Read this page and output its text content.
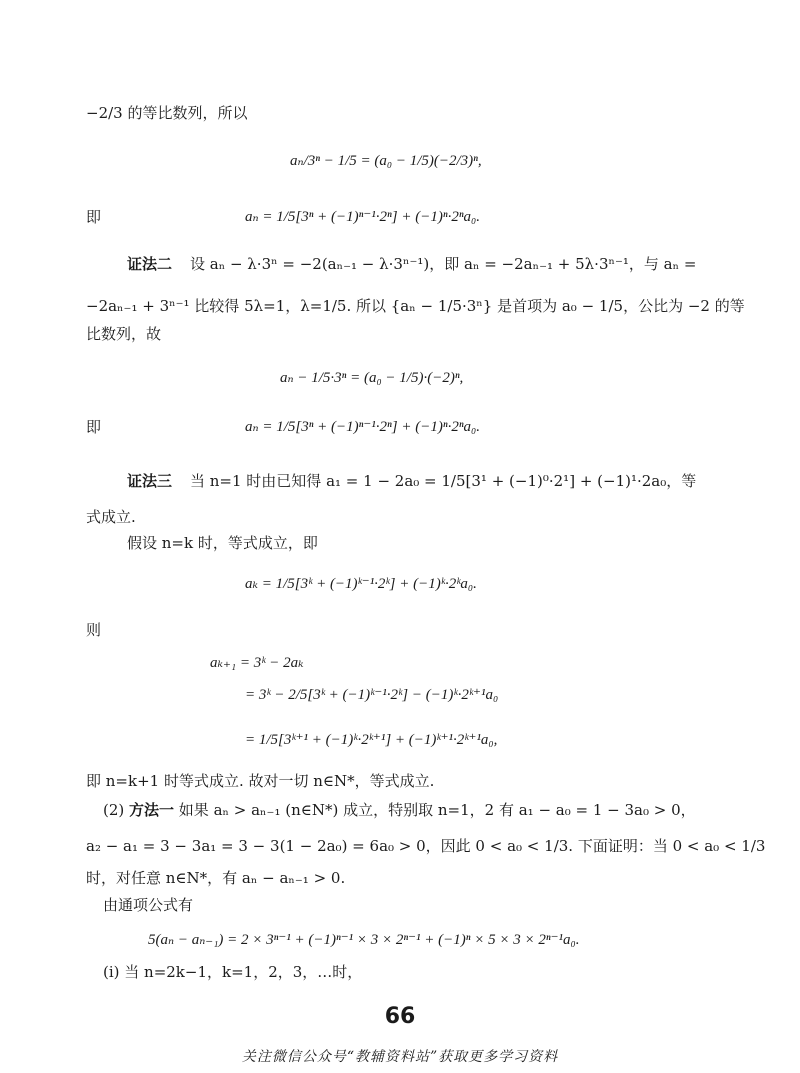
−2/3 的等比数列，所以
aₙ/3ⁿ − 1/5 = (a₀ − 1/5)(−2/3)ⁿ,
即	aₙ = 1/5[3ⁿ + (−1)ⁿ⁻¹·2ⁿ] + (−1)ⁿ·2ⁿa₀.
证法二 设 aₙ − λ·3ⁿ = −2(aₙ₋₁ − λ·3ⁿ⁻¹)，即 aₙ = −2aₙ₋₁ + 5λ·3ⁿ⁻¹，与 aₙ =
−2aₙ₋₁ + 3ⁿ⁻¹ 比较得 5λ=1，λ=1/5. 所以 {aₙ − 1/5·3ⁿ} 是首项为 a₀ − 1/5，公比为 −2 的等
比数列，故
aₙ − 1/5·3ⁿ = (a₀ − 1/5)·(−2)ⁿ,
即	aₙ = 1/5[3ⁿ + (−1)ⁿ⁻¹·2ⁿ] + (−1)ⁿ·2ⁿa₀.
证法三 当 n=1 时由已知得 a₁ = 1 − 2a₀ = 1/5[3¹ + (−1)⁰·2¹] + (−1)¹·2a₀，等
式成立.
假设 n=k 时，等式成立，即
aₖ = 1/5[3ᵏ + (−1)ᵏ⁻¹·2ᵏ] + (−1)ᵏ·2ᵏa₀.
则
aₖ₊₁ = 3ᵏ − 2aₖ
= 3ᵏ − 2/5[3ᵏ + (−1)ᵏ⁻¹·2ᵏ] − (−1)ᵏ·2ᵏ⁺¹a₀
= 1/5[3ᵏ⁺¹ + (−1)ᵏ·2ᵏ⁺¹] + (−1)ᵏ⁺¹·2ᵏ⁺¹a₀,
即 n=k+1 时等式成立. 故对一切 n∈N*，等式成立.
(2) 方法一 如果 aₙ > aₙ₋₁ (n∈N*) 成立，特别取 n=1，2 有 a₁ − a₀ = 1 − 3a₀ > 0，
a₂ − a₁ = 3 − 3a₁ = 3 − 3(1 − 2a₀) = 6a₀ > 0，因此 0 < a₀ < 1/3. 下面证明：当 0 < a₀ < 1/3
时，对任意 n∈N*，有 aₙ − aₙ₋₁ > 0.
由通项公式有
5(aₙ − aₙ₋₁) = 2 × 3ⁿ⁻¹ + (−1)ⁿ⁻¹ × 3 × 2ⁿ⁻¹ + (−1)ⁿ × 5 × 3 × 2ⁿ⁻¹a₀.
(ⅰ) 当 n=2k−1，k=1，2，3，…时，
66
关注微信公众号“教辅资料站”获取更多学习资料
